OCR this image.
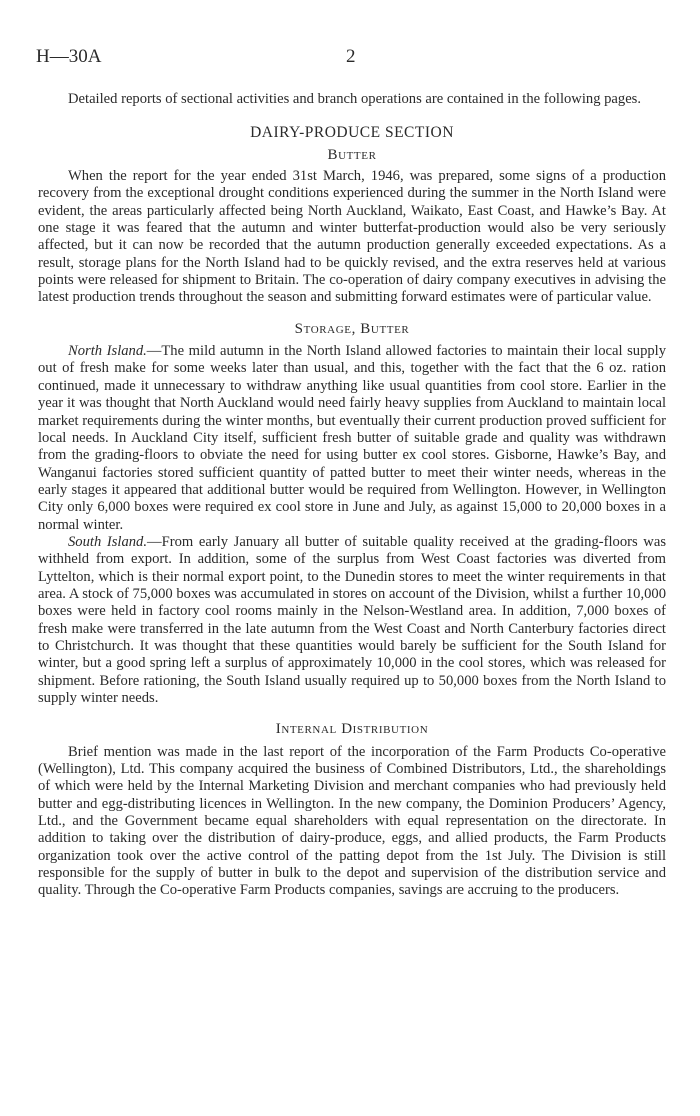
H—30A	2

Detailed reports of sectional activities and branch operations are contained in the following pages.

DAIRY-PRODUCE SECTION
Butter

When the report for the year ended 31st March, 1946, was prepared, some signs of a production recovery from the exceptional drought conditions experienced during the summer in the North Island were evident, the areas particularly affected being North Auckland, Waikato, East Coast, and Hawke’s Bay. At one stage it was feared that the autumn and winter butterfat-production would also be very seriously affected, but it can now be recorded that the autumn production generally exceeded expectations. As a result, storage plans for the North Island had to be quickly revised, and the extra reserves held at various points were released for shipment to Britain. The co-operation of dairy company executives in advising the latest production trends throughout the season and submitting forward estimates were of particular value.

Storage, Butter

North Island.—The mild autumn in the North Island allowed factories to maintain their local supply out of fresh make for some weeks later than usual, and this, together with the fact that the 6 oz. ration continued, made it unnecessary to withdraw anything like usual quantities from cool store. Earlier in the year it was thought that North Auckland would need fairly heavy supplies from Auckland to maintain local market requirements during the winter months, but eventually their current production proved sufficient for local needs. In Auckland City itself, sufficient fresh butter of suitable grade and quality was withdrawn from the grading-floors to obviate the need for using butter ex cool stores. Gisborne, Hawke’s Bay, and Wanganui factories stored sufficient quantity of patted butter to meet their winter needs, whereas in the early stages it appeared that additional butter would be required from Wellington. However, in Wellington City only 6,000 boxes were required ex cool store in June and July, as against 15,000 to 20,000 boxes in a normal winter.

South Island.—From early January all butter of suitable quality received at the grading-floors was withheld from export. In addition, some of the surplus from West Coast factories was diverted from Lyttelton, which is their normal export point, to the Dunedin stores to meet the winter requirements in that area. A stock of 75,000 boxes was accumulated in stores on account of the Division, whilst a further 10,000 boxes were held in factory cool rooms mainly in the Nelson-Westland area. In addition, 7,000 boxes of fresh make were transferred in the late autumn from the West Coast and North Canterbury factories direct to Christchurch. It was thought that these quantities would barely be sufficient for the South Island for winter, but a good spring left a surplus of approximately 10,000 in the cool stores, which was released for shipment. Before rationing, the South Island usually required up to 50,000 boxes from the North Island to supply winter needs.

Internal Distribution

Brief mention was made in the last report of the incorporation of the Farm Products Co-operative (Wellington), Ltd. This company acquired the business of Combined Distributors, Ltd., the shareholdings of which were held by the Internal Marketing Division and merchant companies who had previously held butter and egg-distributing licences in Wellington. In the new company, the Dominion Producers’ Agency, Ltd., and the Government became equal shareholders with equal representation on the directorate. In addition to taking over the distribution of dairy-produce, eggs, and allied products, the Farm Products organization took over the active control of the patting depot from the 1st July. The Division is still responsible for the supply of butter in bulk to the depot and supervision of the distribution service and quality. Through the Co-operative Farm Products companies, savings are accruing to the producers.
